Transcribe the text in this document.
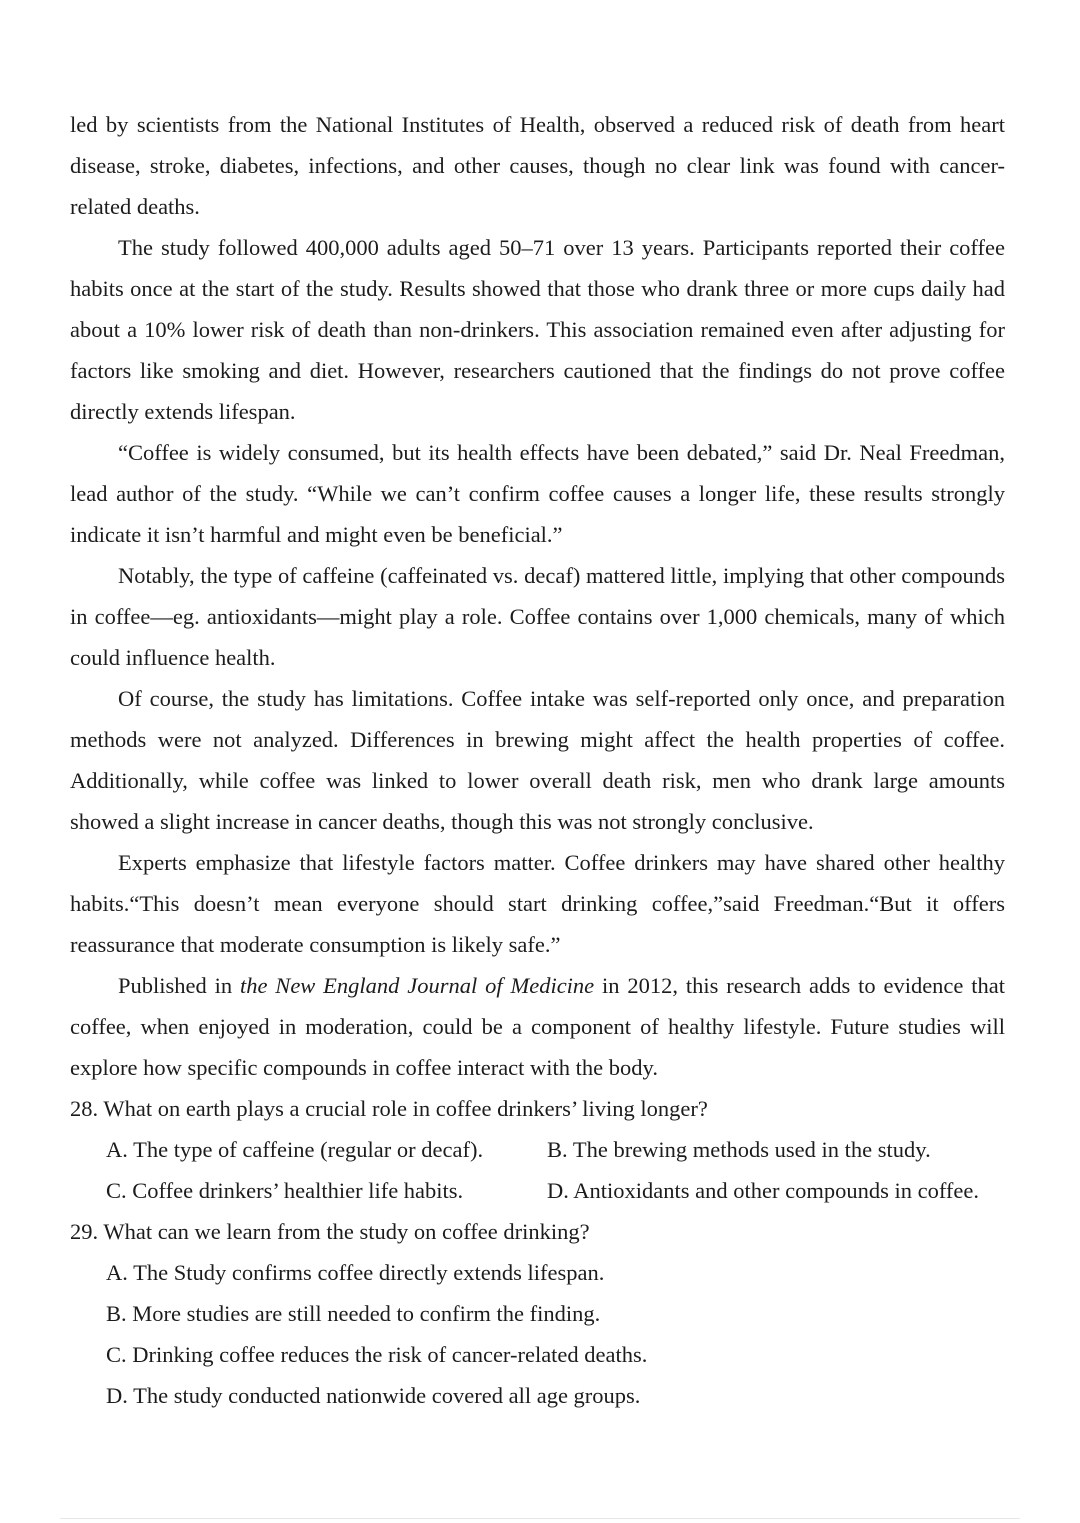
led by scientists from the National Institutes of Health, observed a reduced risk of death from heart disease, stroke, diabetes, infections, and other causes, though no clear link was found with cancer-related deaths.

The study followed 400,000 adults aged 50–71 over 13 years. Participants reported their coffee habits once at the start of the study. Results showed that those who drank three or more cups daily had about a 10% lower risk of death than non-drinkers. This association remained even after adjusting for factors like smoking and diet. However, researchers cautioned that the findings do not prove coffee directly extends lifespan.

“Coffee is widely consumed, but its health effects have been debated,” said Dr. Neal Freedman, lead author of the study. “While we can’t confirm coffee causes a longer life, these results strongly indicate it isn’t harmful and might even be beneficial.”

Notably, the type of caffeine (caffeinated vs. decaf) mattered little, implying that other compounds in coffee—eg. antioxidants—might play a role. Coffee contains over 1,000 chemicals, many of which could influence health.

Of course, the study has limitations. Coffee intake was self-reported only once, and preparation methods were not analyzed. Differences in brewing might affect the health properties of coffee. Additionally, while coffee was linked to lower overall death risk, men who drank large amounts showed a slight increase in cancer deaths, though this was not strongly conclusive.

Experts emphasize that lifestyle factors matter. Coffee drinkers may have shared other healthy habits.“This doesn’t mean everyone should start drinking coffee,”said Freedman.“But it offers reassurance that moderate consumption is likely safe.”

Published in the New England Journal of Medicine in 2012, this research adds to evidence that coffee, when enjoyed in moderation, could be a component of healthy lifestyle. Future studies will explore how specific compounds in coffee interact with the body.

28. What on earth plays a crucial role in coffee drinkers’ living longer?

A. The type of caffeine (regular or decaf).	B. The brewing methods used in the study.
C. Coffee drinkers’ healthier life habits.	D. Antioxidants and other compounds in coffee.

29. What can we learn from the study on coffee drinking?

A. The Study confirms coffee directly extends lifespan.
B. More studies are still needed to confirm the finding.
C. Drinking coffee reduces the risk of cancer-related deaths.
D. The study conducted nationwide covered all age groups.
